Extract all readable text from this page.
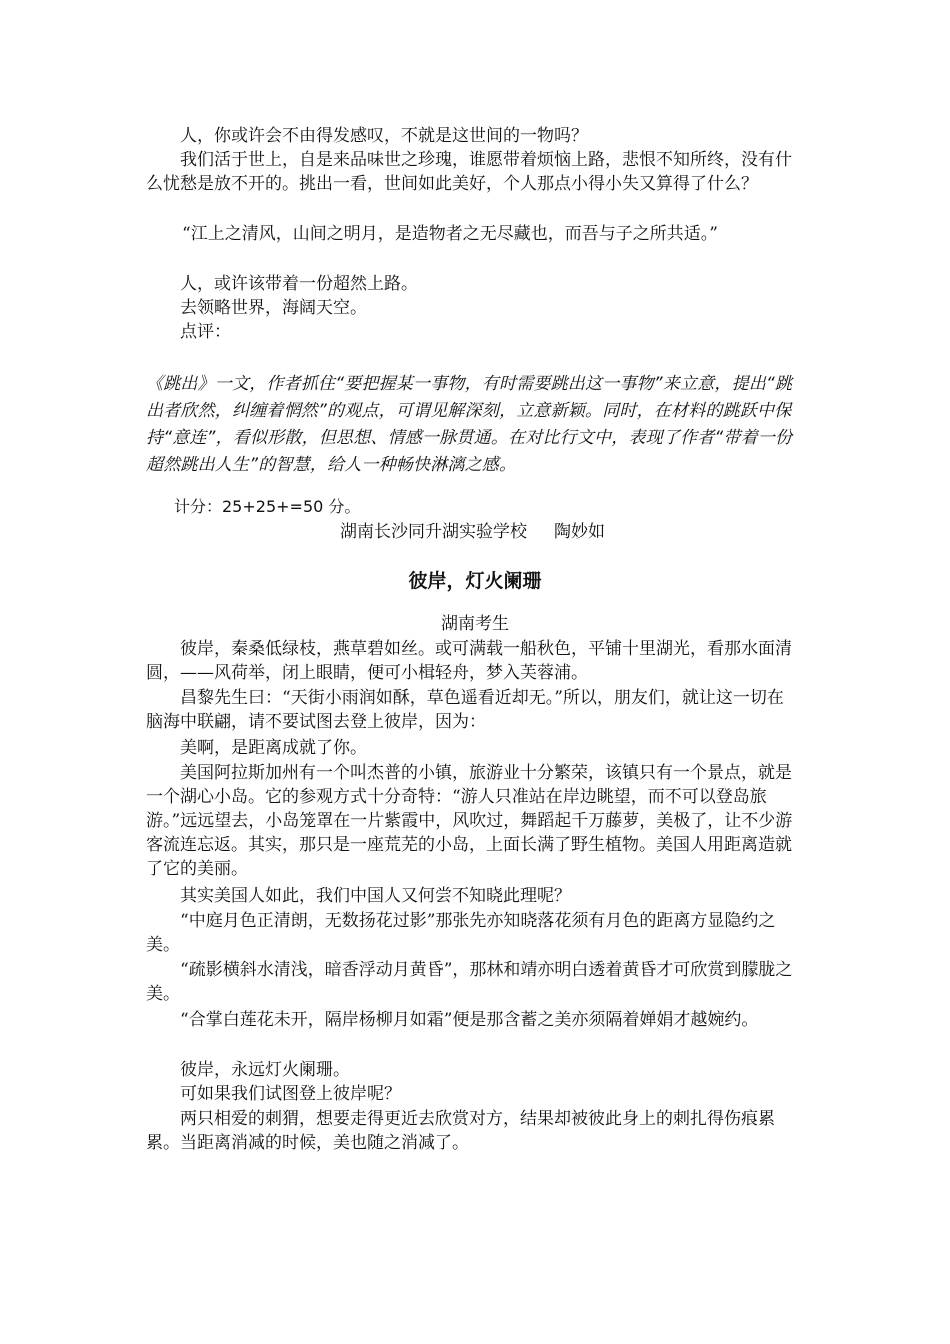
人，你或许会不由得发感叹，不就是这世间的一物吗？

我们活于世上，自是来品味世之珍瑰，谁愿带着烦恼上路，悲恨不知所终，没有什么忧愁是放不开的。挑出一看，世间如此美好，个人那点小得小失又算得了什么？

“江上之清风，山间之明月，是造物者之无尽藏也，而吾与子之所共适。”

人，或许该带着一份超然上路。

去领略世界，海阔天空。

点评：

《跳出》一文，作者抓住“要把握某一事物，有时需要跳出这一事物”来立意，提出“跳出者欣然，纠缠着惘然”的观点，可谓见解深刻，立意新颖。同时，在材料的跳跃中保持“意连”，看似形散，但思想、情感一脉贯通。在对比行文中，表现了作者“带着一份超然跳出人生”的智慧，给人一种畅快淋漓之感。

计分：25+25+=50 分。
湖南长沙同升湖实验学校 陶妙如
彼岸，灯火阑珊
湖南考生

彼岸，秦桑低绿枝，燕草碧如丝。或可满载一船秋色，平铺十里湖光，看那水面清圆，——风荷举，闭上眼睛，便可小楫轻舟，梦入芙蓉浦。

昌黎先生曰：“天街小雨润如酥，草色遥看近却无。”所以，朋友们，就让这一切在脑海中联翩，请不要试图去登上彼岸，因为：

美啊，是距离成就了你。

美国阿拉斯加州有一个叫杰普的小镇，旅游业十分繁荣，该镇只有一个景点，就是一个湖心小岛。它的参观方式十分奇特：“游人只准站在岸边眺望，而不可以登岛旅游。”远远望去，小岛笼罩在一片紫霞中，风吹过，舞蹈起千万藤萝，美极了，让不少游客流连忘返。其实，那只是一座荒芜的小岛，上面长满了野生植物。美国人用距离造就了它的美丽。

其实美国人如此，我们中国人又何尝不知晓此理呢？

“中庭月色正清朗，无数扬花过影”那张先亦知晓落花须有月色的距离方显隐约之美。

“疏影横斜水清浅，暗香浮动月黄昏”，那林和靖亦明白透着黄昏才可欣赏到朦胧之美。

“合掌白莲花未开，隔岸杨柳月如霜”便是那含蓄之美亦须隔着婵娟才越婉约。

彼岸，永远灯火阑珊。

可如果我们试图登上彼岸呢？

两只相爱的刺猬，想要走得更近去欣赏对方，结果却被彼此身上的刺扎得伤痕累累。当距离消减的时候，美也随之消减了。
